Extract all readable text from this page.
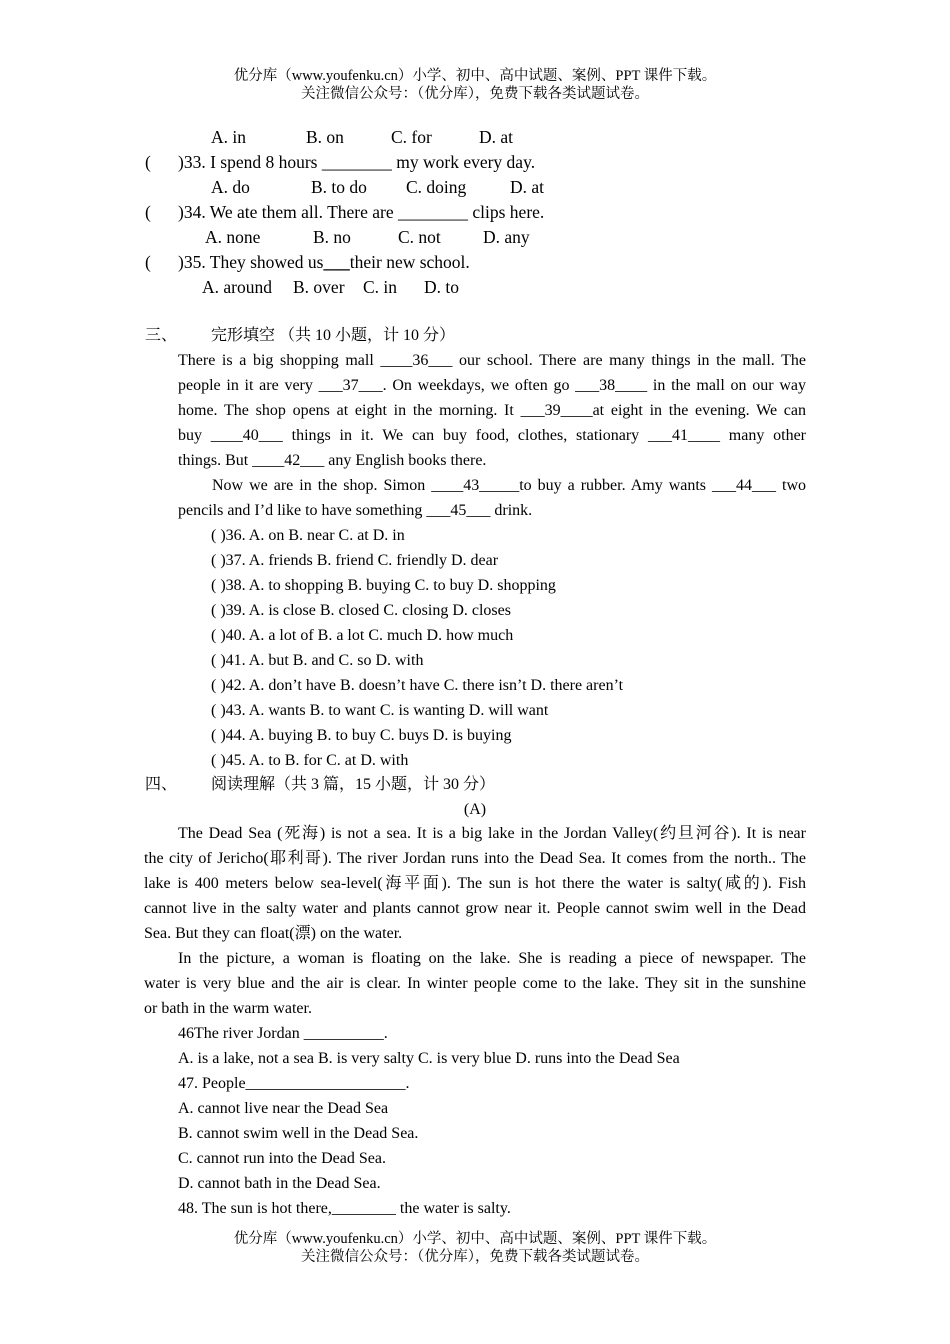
优分库（www.youfenku.cn）小学、初中、高中试题、案例、PPT 课件下载。
关注微信公众号：（优分库），免费下载各类试题试卷。
A. in	B. on	C. for	D. at
( )33. I spend 8 hours ________ my work every day.
A. do	B. to do C. doing D. at
( )34. We ate them all. There are ________ clips here.
A. none	B. no	C. not D. any
( )35. They showed us___their new school.
A. around B. over C. in D. to
三、 完形填空 （共 10 小题，计 10 分）
There is a big shopping mall ____36___ our school. There are many things in the mall. The
people in it are very ___37___. On weekdays, we often go ___38____ in the mall on our way
home. The shop opens at eight in the morning. It ___39____at eight in the evening. We can
buy ____40___ things in it. We can buy food, clothes, stationary ___41____ many other
things. But ____42___ any English books there.
Now we are in the shop. Simon ____43_____to buy a rubber. Amy wants ___44___ two
pencils and I’d like to have something ___45___ drink.
( )36. A. on B. near C. at D. in
( )37. A. friends B. friend C. friendly D. dear
( )38. A. to shopping B. buying C. to buy D. shopping
( )39. A. is close B. closed C. closing D. closes
( )40. A. a lot of B. a lot C. much D. how much
( )41. A. but B. and C. so D. with
( )42. A. don’t have B. doesn’t have C. there isn’t D. there aren’t
( )43. A. wants B. to want C. is wanting D. will want
( )44. A. buying B. to buy C. buys D. is buying
( )45. A. to B. for C. at D. with
四、 阅读理解（共 3 篇，15 小题，计 30 分）
(A)
The Dead Sea (死海) is not a sea. It is a big lake in the Jordan Valley(约旦河谷). It is near
the city of Jericho(耶利哥). The river Jordan runs into the Dead Sea. It comes from the north.. The
lake is 400 meters below sea-level(海平面). The sun is hot there the water is salty(咸的). Fish
cannot live in the salty water and plants cannot grow near it. People cannot swim well in the Dead
Sea. But they can float(漂) on the water.
In the picture, a woman is floating on the lake. She is reading a piece of newspaper. The
water is very blue and the air is clear. In winter people come to the lake. They sit in the sunshine
or bath in the warm water.
46The river Jordan __________.
A. is a lake, not a sea B. is very salty C. is very blue D. runs into the Dead Sea
47. People____________________.
A. cannot live near the Dead Sea
B. cannot swim well in the Dead Sea.
C. cannot run into the Dead Sea.
D. cannot bath in the Dead Sea.
48. The sun is hot there,________ the water is salty.
优分库（www.youfenku.cn）小学、初中、高中试题、案例、PPT 课件下载。
关注微信公众号：（优分库），免费下载各类试题试卷。
